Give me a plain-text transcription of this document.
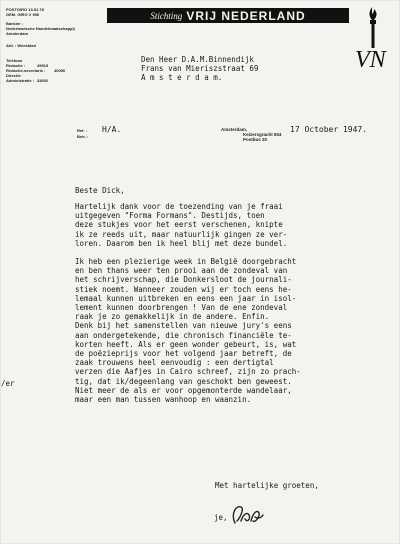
POSTGIRO 13.51.78
GEM. GIRO V 996
Bankier :
Nederlandsche Handelmaatschappij
Amsterdam
Afd. : Weekblad
Telefoon
Redactie :	45915
Redactie-secretaris : 40090
Directie
Administratie : 33692
Stichting VRIJ NEDERLAND
VN
Den Heer D.A.M.Binnendijk
Frans van Mieriszstraat 69
A m s t e r d a m.
Ref. :
Betr. :
H/A.	Amsterdam,
Keizersgracht 604
Postbus 20
17 October 1947.
Beste Dick,
Hartelijk dank voor de toezending van je fraai
uitgegeven "Forma Formans". Destijds, toen
deze stukjes voor het eerst verschenen, knipte
ik ze reeds uit, maar natuurlijk gingen ze ver-
loren. Daarom ben ik heel blij met deze bundel.
Ik heb een plezierige week in België doorgebracht
en ben thans weer ten prooi aan de zondeval van
het schrijverschap, die Donkersloot de journali-
stiek noemt. Wanneer zouden wij er toch eens he-
lemaal kunnen uitbreken en eens een jaar in isol-
lement kunnen doorbrengen ! Van de ene zondeval
raak je zo gemakkelijk in de andere. Enfin.
Denk bij het samenstellen van nieuwe jury's eens
aan ondergetekende, die chronisch financiële te-
korten heeft. Als er geen wonder gebeurt, is, wat
de poëzieprijs voor het volgend jaar betreft, de
zaak trouwens heel eenvoudig : een dertigtal
verzen die Aafjes in Cairo schreef, zijn zo prach-
tig, dat ik/degeenlang van geschokt ben geweest.
Niet meer de als er voor opgemonterde wandelaar,
maar een man tussen wanhoop en waanzin.
/er
Met hartelijke groeten,
je,
